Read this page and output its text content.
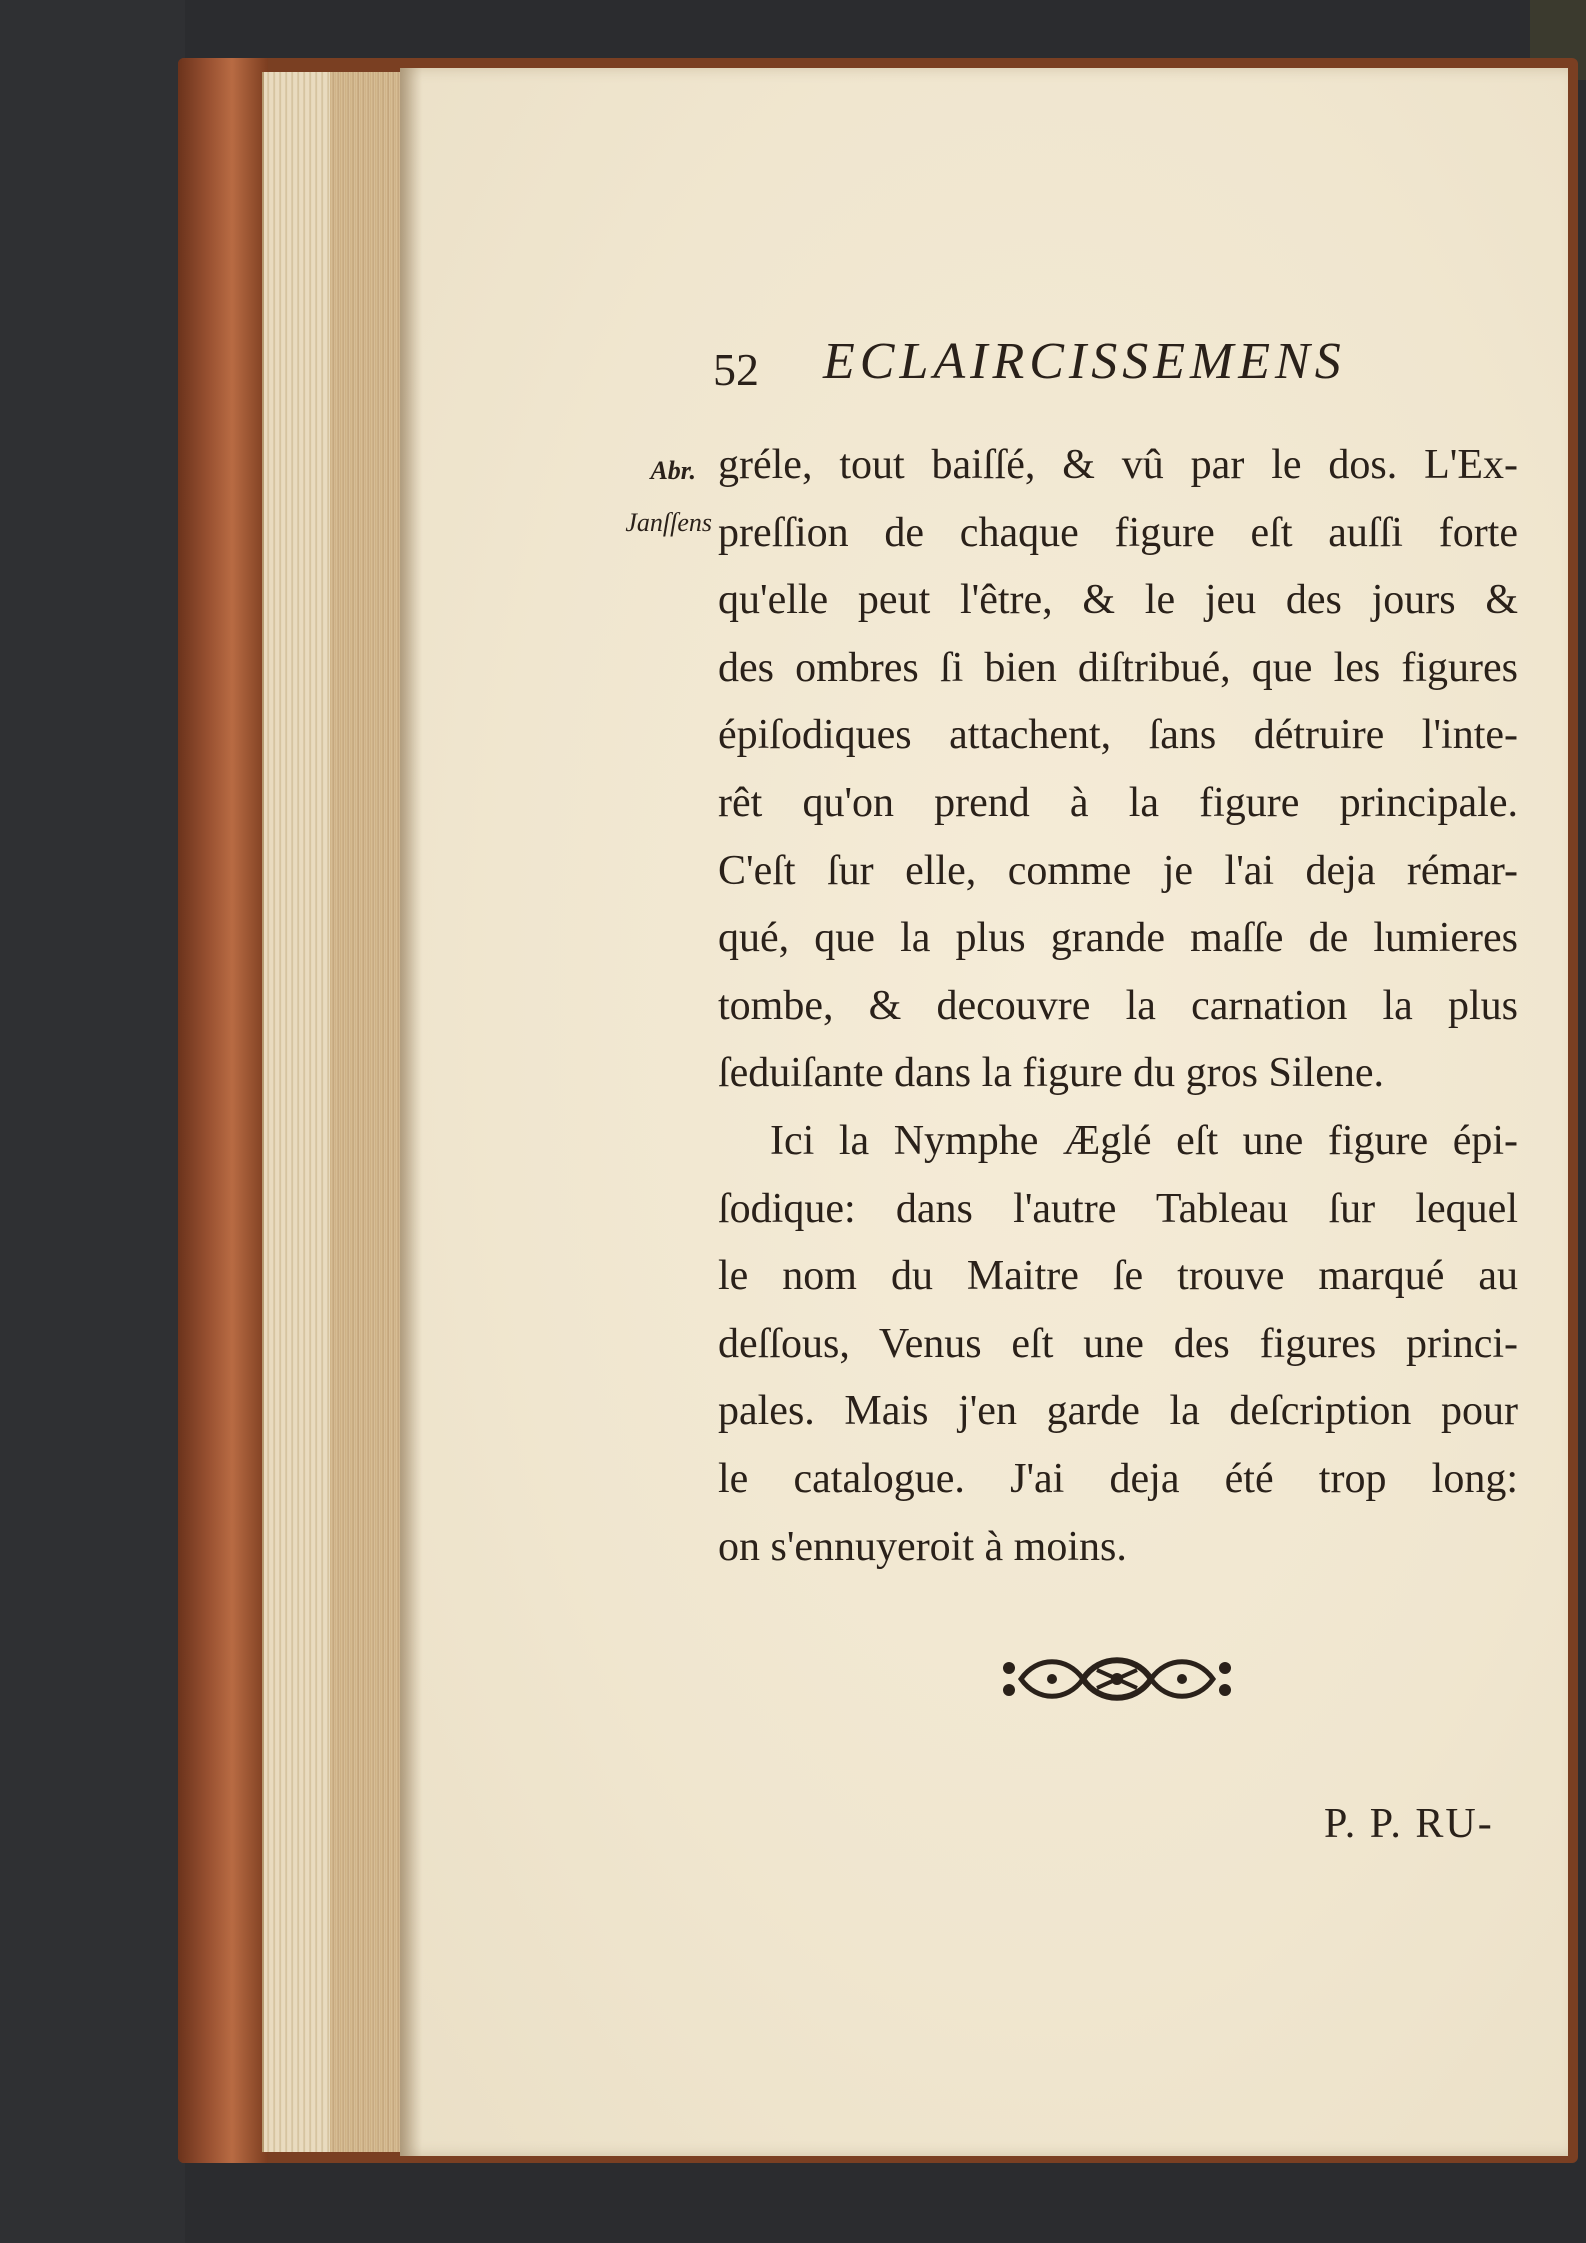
52 ECLAIRCISSEMENS
Abr.
Janſſens
gréle, tout baiſſé, & vû par le dos. L'Ex-
preſſion de chaque figure eſt auſſi forte
qu'elle peut l'être, & le jeu des jours &
des ombres ſi bien diſtribué, que les figures
épiſodiques attachent, ſans détruire l'inte-
rêt qu'on prend à la figure principale.
C'eſt ſur elle, comme je l'ai deja rémar-
qué, que la plus grande maſſe de lumieres
tombe, & decouvre la carnation la plus
ſeduiſante dans la figure du gros Silene.
Ici la Nymphe Æglé eſt une figure épi-
ſodique: dans l'autre Tableau ſur lequel
le nom du Maitre ſe trouve marqué au
deſſous, Venus eſt une des figures princi-
pales. Mais j'en garde la deſcription pour
le catalogue. J'ai deja été trop long:
on s'ennuyeroit à moins.
P. P. RU-
